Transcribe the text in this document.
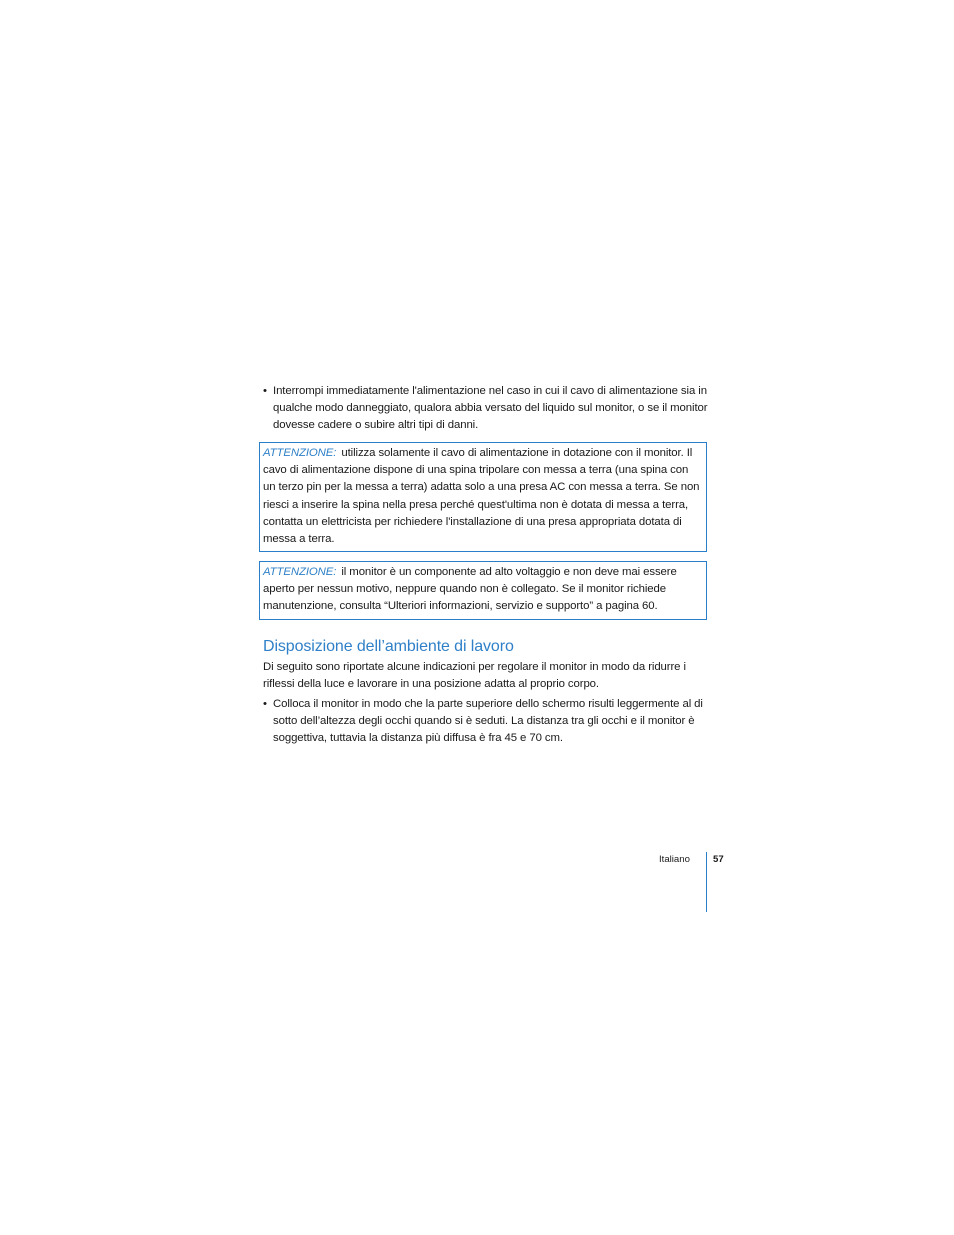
• Interrompi immediatamente l'alimentazione nel caso in cui il cavo di alimentazione sia in qualche modo danneggiato, qualora abbia versato del liquido sul monitor, o se il monitor dovesse cadere o subire altri tipi di danni.
ATTENZIONE: utilizza solamente il cavo di alimentazione in dotazione con il monitor. Il cavo di alimentazione dispone di una spina tripolare con messa a terra (una spina con un terzo pin per la messa a terra) adatta solo a una presa AC con messa a terra. Se non riesci a inserire la spina nella presa perché quest'ultima non è dotata di messa a terra, contatta un elettricista per richiedere l'installazione di una presa appropriata dotata di messa a terra.
ATTENZIONE: il monitor è un componente ad alto voltaggio e non deve mai essere aperto per nessun motivo, neppure quando non è collegato. Se il monitor richiede manutenzione, consulta “Ulteriori informazioni, servizio e supporto” a pagina 60.
Disposizione dell’ambiente di lavoro
Di seguito sono riportate alcune indicazioni per regolare il monitor in modo da ridurre i riflessi della luce e lavorare in una posizione adatta al proprio corpo.
• Colloca il monitor in modo che la parte superiore dello schermo risulti leggermente al di sotto dell’altezza degli occhi quando si è seduti. La distanza tra gli occhi e il monitor è soggettiva, tuttavia la distanza più diffusa è fra 45 e 70 cm.
Italiano 57
